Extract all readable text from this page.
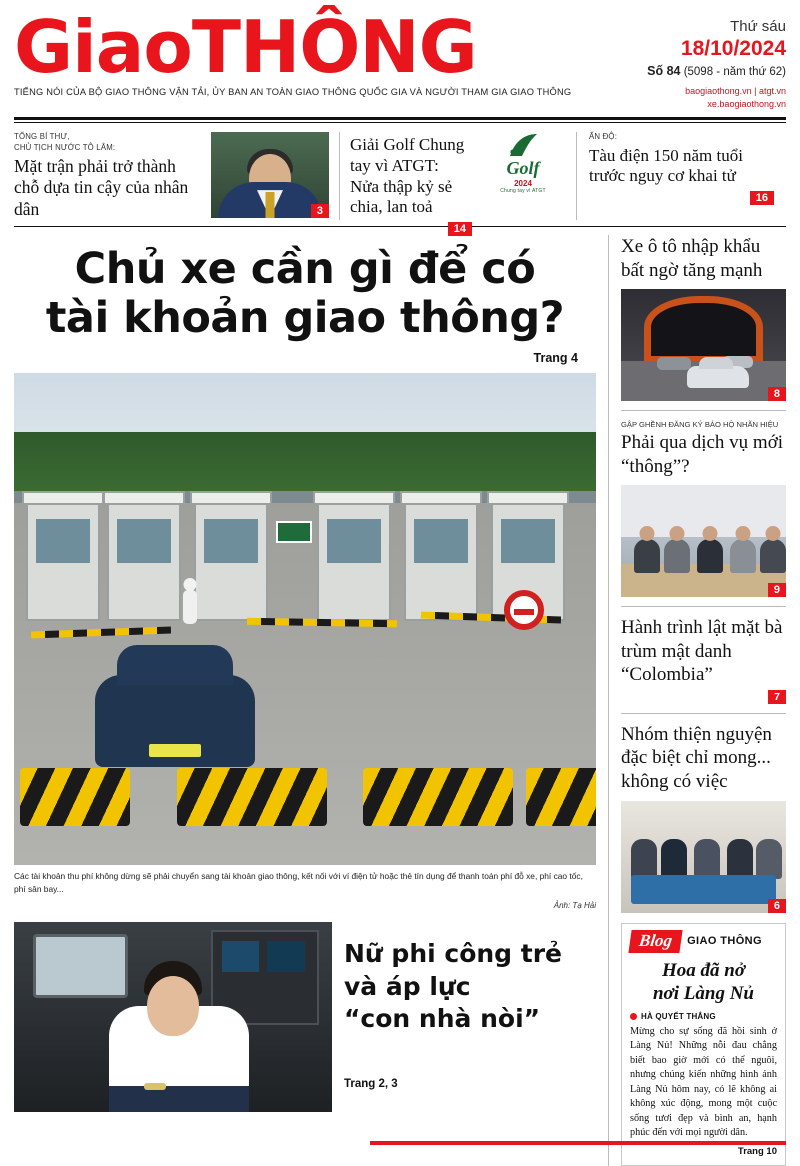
GiaoTHÔNG
TIẾNG NÓI CỦA BỘ GIAO THÔNG VẬN TẢI, ỦY BAN AN TOÀN GIAO THÔNG QUỐC GIA VÀ NGƯỜI THAM GIA GIAO THÔNG
Thứ sáu
18/10/2024
Số 84 (5098 - năm thứ 62)
baogiaothong.vn | atgt.vn
xe.baogiaothong.vn
TỔNG BÍ THƯ,
CHỦ TỊCH NƯỚC TÔ LÂM:
Mặt trận phải trở thành chỗ dựa tin cậy của nhân dân	3
Giải Golf Chung tay vì ATGT: Nửa thập kỷ sẻ chia, lan toả
14
Golf
2024
Chung tay vì ATGT
ẤN ĐỘ:
Tàu điện 150 năm tuổi trước nguy cơ khai tử
16
Chủ xe cần gì để có
tài khoản giao thông?
Trang 4
Các tài khoản thu phí không dừng sẽ phải chuyển sang tài khoản giao thông, kết nối với ví điện tử hoặc thẻ tín dụng để thanh toán phí đỗ xe, phí cao tốc, phí sân bay...
Ảnh: Tạ Hải
Nữ phi công trẻ
và áp lực
“con nhà nòi”
Trang 2, 3
Xe ô tô nhập khẩu bất ngờ tăng mạnh
8
GẬP GHỀNH ĐĂNG KÝ BẢO HỘ NHÃN HIỆU
Phải qua dịch vụ mới “thông”?
9
Hành trình lật mặt bà trùm mật danh “Colombia”
7
Nhóm thiện nguyện đặc biệt chỉ mong... không có việc
6
Blog	GIAO THÔNG
Hoa đã nở
nơi Làng Nủ
HÀ QUYẾT THẮNG
Mừng cho sự sống đã hồi sinh ở Làng Nủ! Những nỗi đau chẳng biết bao giờ mới có thể nguôi, nhưng chúng kiến những hình ảnh Làng Nủ hôm nay, có lẽ không ai không xúc động, mong một cuộc sống tươi đẹp và bình an, hạnh phúc đến với mọi người dân.
Trang 10
